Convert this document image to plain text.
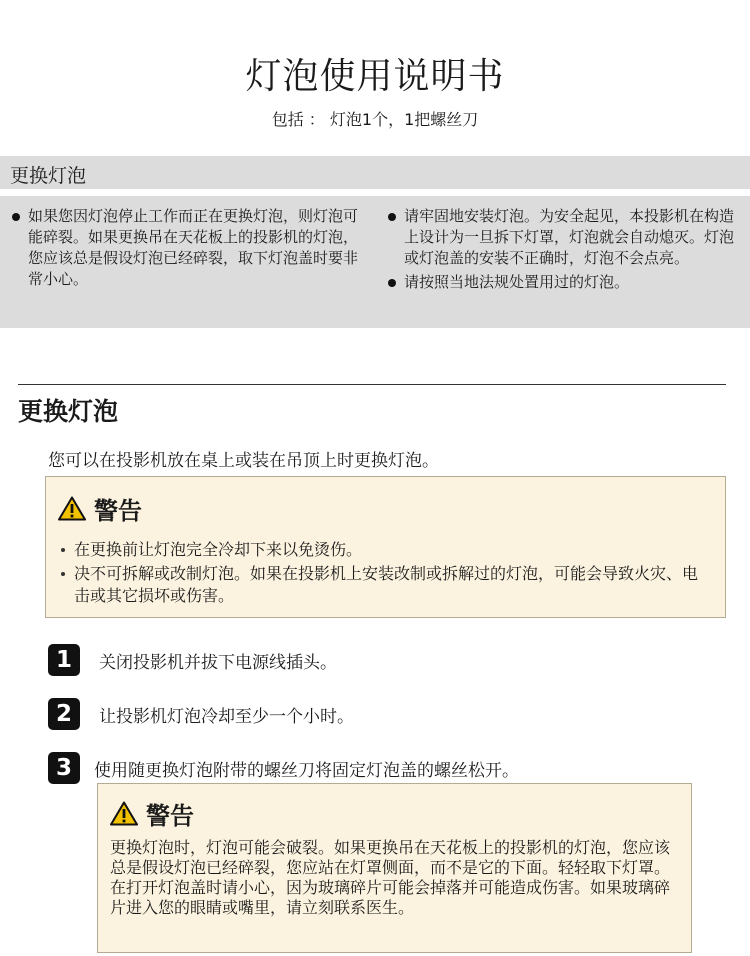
灯泡使用说明书
包括 ： 灯泡1个，1把螺丝刀
更换灯泡
如果您因灯泡停止工作而正在更换灯泡，则灯泡可能碎裂。如果更换吊在天花板上的投影机的灯泡，您应该总是假设灯泡已经碎裂，取下灯泡盖时要非常小心。
请牢固地安装灯泡。为安全起见，本投影机在构造上设计为一旦拆下灯罩，灯泡就会自动熄灭。灯泡或灯泡盖的安装不正确时，灯泡不会点亮。
请按照当地法规处置用过的灯泡。
更换灯泡
您可以在投影机放在桌上或装在吊顶上时更换灯泡。
警告
在更换前让灯泡完全冷却下来以免烫伤。
决不可拆解或改制灯泡。如果在投影机上安装改制或拆解过的灯泡，可能会导致火灾、电击或其它损坏或伤害。
1	关闭投影机并拔下电源线插头。
2	让投影机灯泡冷却至少一个小时。
3	使用随更换灯泡附带的螺丝刀将固定灯泡盖的螺丝松开。
警告
更换灯泡时，灯泡可能会破裂。如果更换吊在天花板上的投影机的灯泡，您应该总是假设灯泡已经碎裂，您应站在灯罩侧面，而不是它的下面。轻轻取下灯罩。在打开灯泡盖时请小心，因为玻璃碎片可能会掉落并可能造成伤害。如果玻璃碎片进入您的眼睛或嘴里，请立刻联系医生。
